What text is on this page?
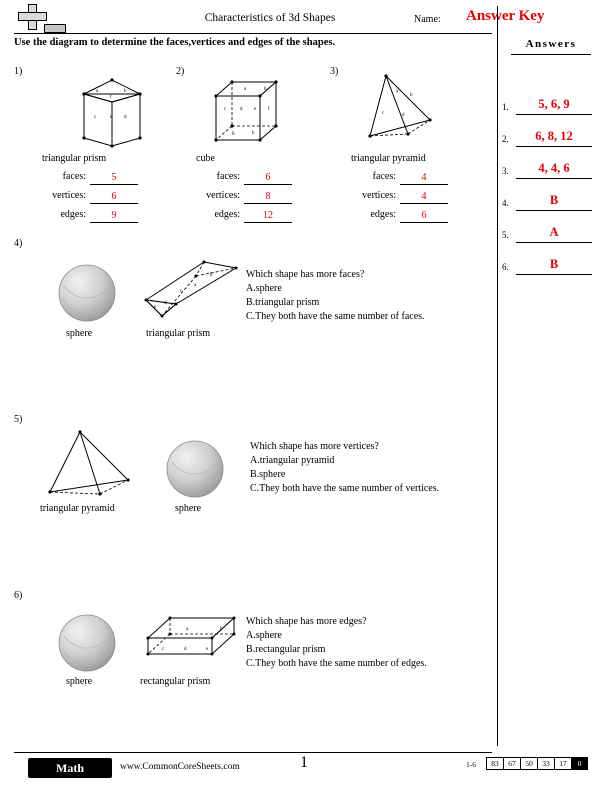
Characteristics of 3d Shapes	Name: Answer Key
Use the diagram to determine the faces,vertices and edges of the shapes.
1)
a	b
c	d
e
f
triangular prism
faces:	5
vertices:	6
edges:	9
2)
a	b
c	d e f
g	h
cube
faces:	6
vertices:	8
edges:	12
3)
a
b
c	d
triangular pyramid
faces:	4
vertices:	4
edges:	6
4)
sphere
a
b
c
d
e
triangular prism
Which shape has more faces?
A.sphere
B.triangular prism
C.They both have the same number of faces.
5)
triangular pyramid	sphere
Which shape has more vertices?
A.triangular pyramid
B.sphere
C.They both have the same number of vertices.
6)
sphere
a	b
c	d	e
rectangular prism
Which shape has more edges?
A.sphere
B.rectangular prism
C.They both have the same number of edges.
Answers
1.	5, 6, 9
2.	6, 8, 12
3.	4, 4, 6
4.	B
5.	A
6.	B
Math	www.CommonCoreSheets.com	1	1-6	83	67	50	33	17	0
